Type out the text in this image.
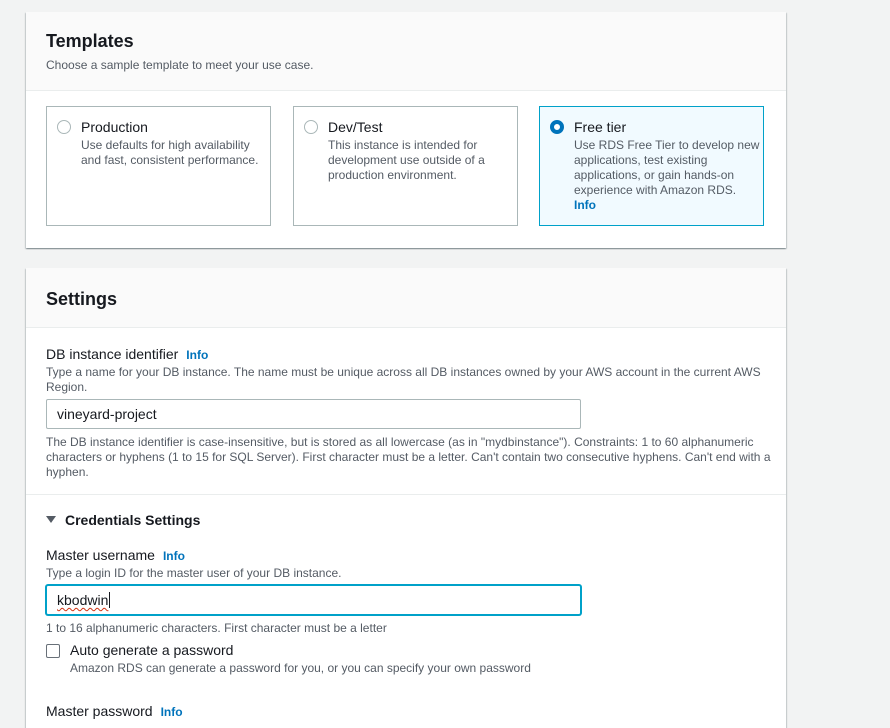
Templates
Choose a sample template to meet your use case.
Production
Use defaults for high availability and fast, consistent performance.
Dev/Test
This instance is intended for development use outside of a production environment.
Free tier
Use RDS Free Tier to develop new applications, test existing applications, or gain hands-on experience with Amazon RDS.
Info
Settings
DB instance identifier Info
Type a name for your DB instance. The name must be unique across all DB instances owned by your AWS account in the current AWS Region.
vineyard-project
The DB instance identifier is case-insensitive, but is stored as all lowercase (as in "mydbinstance"). Constraints: 1 to 60 alphanumeric characters or hyphens (1 to 15 for SQL Server). First character must be a letter. Can't contain two consecutive hyphens. Can't end with a hyphen.
Credentials Settings
Master username Info
Type a login ID for the master user of your DB instance.
kbodwin
1 to 16 alphanumeric characters. First character must be a letter
Auto generate a password
Amazon RDS can generate a password for you, or you can specify your own password
Master password Info
